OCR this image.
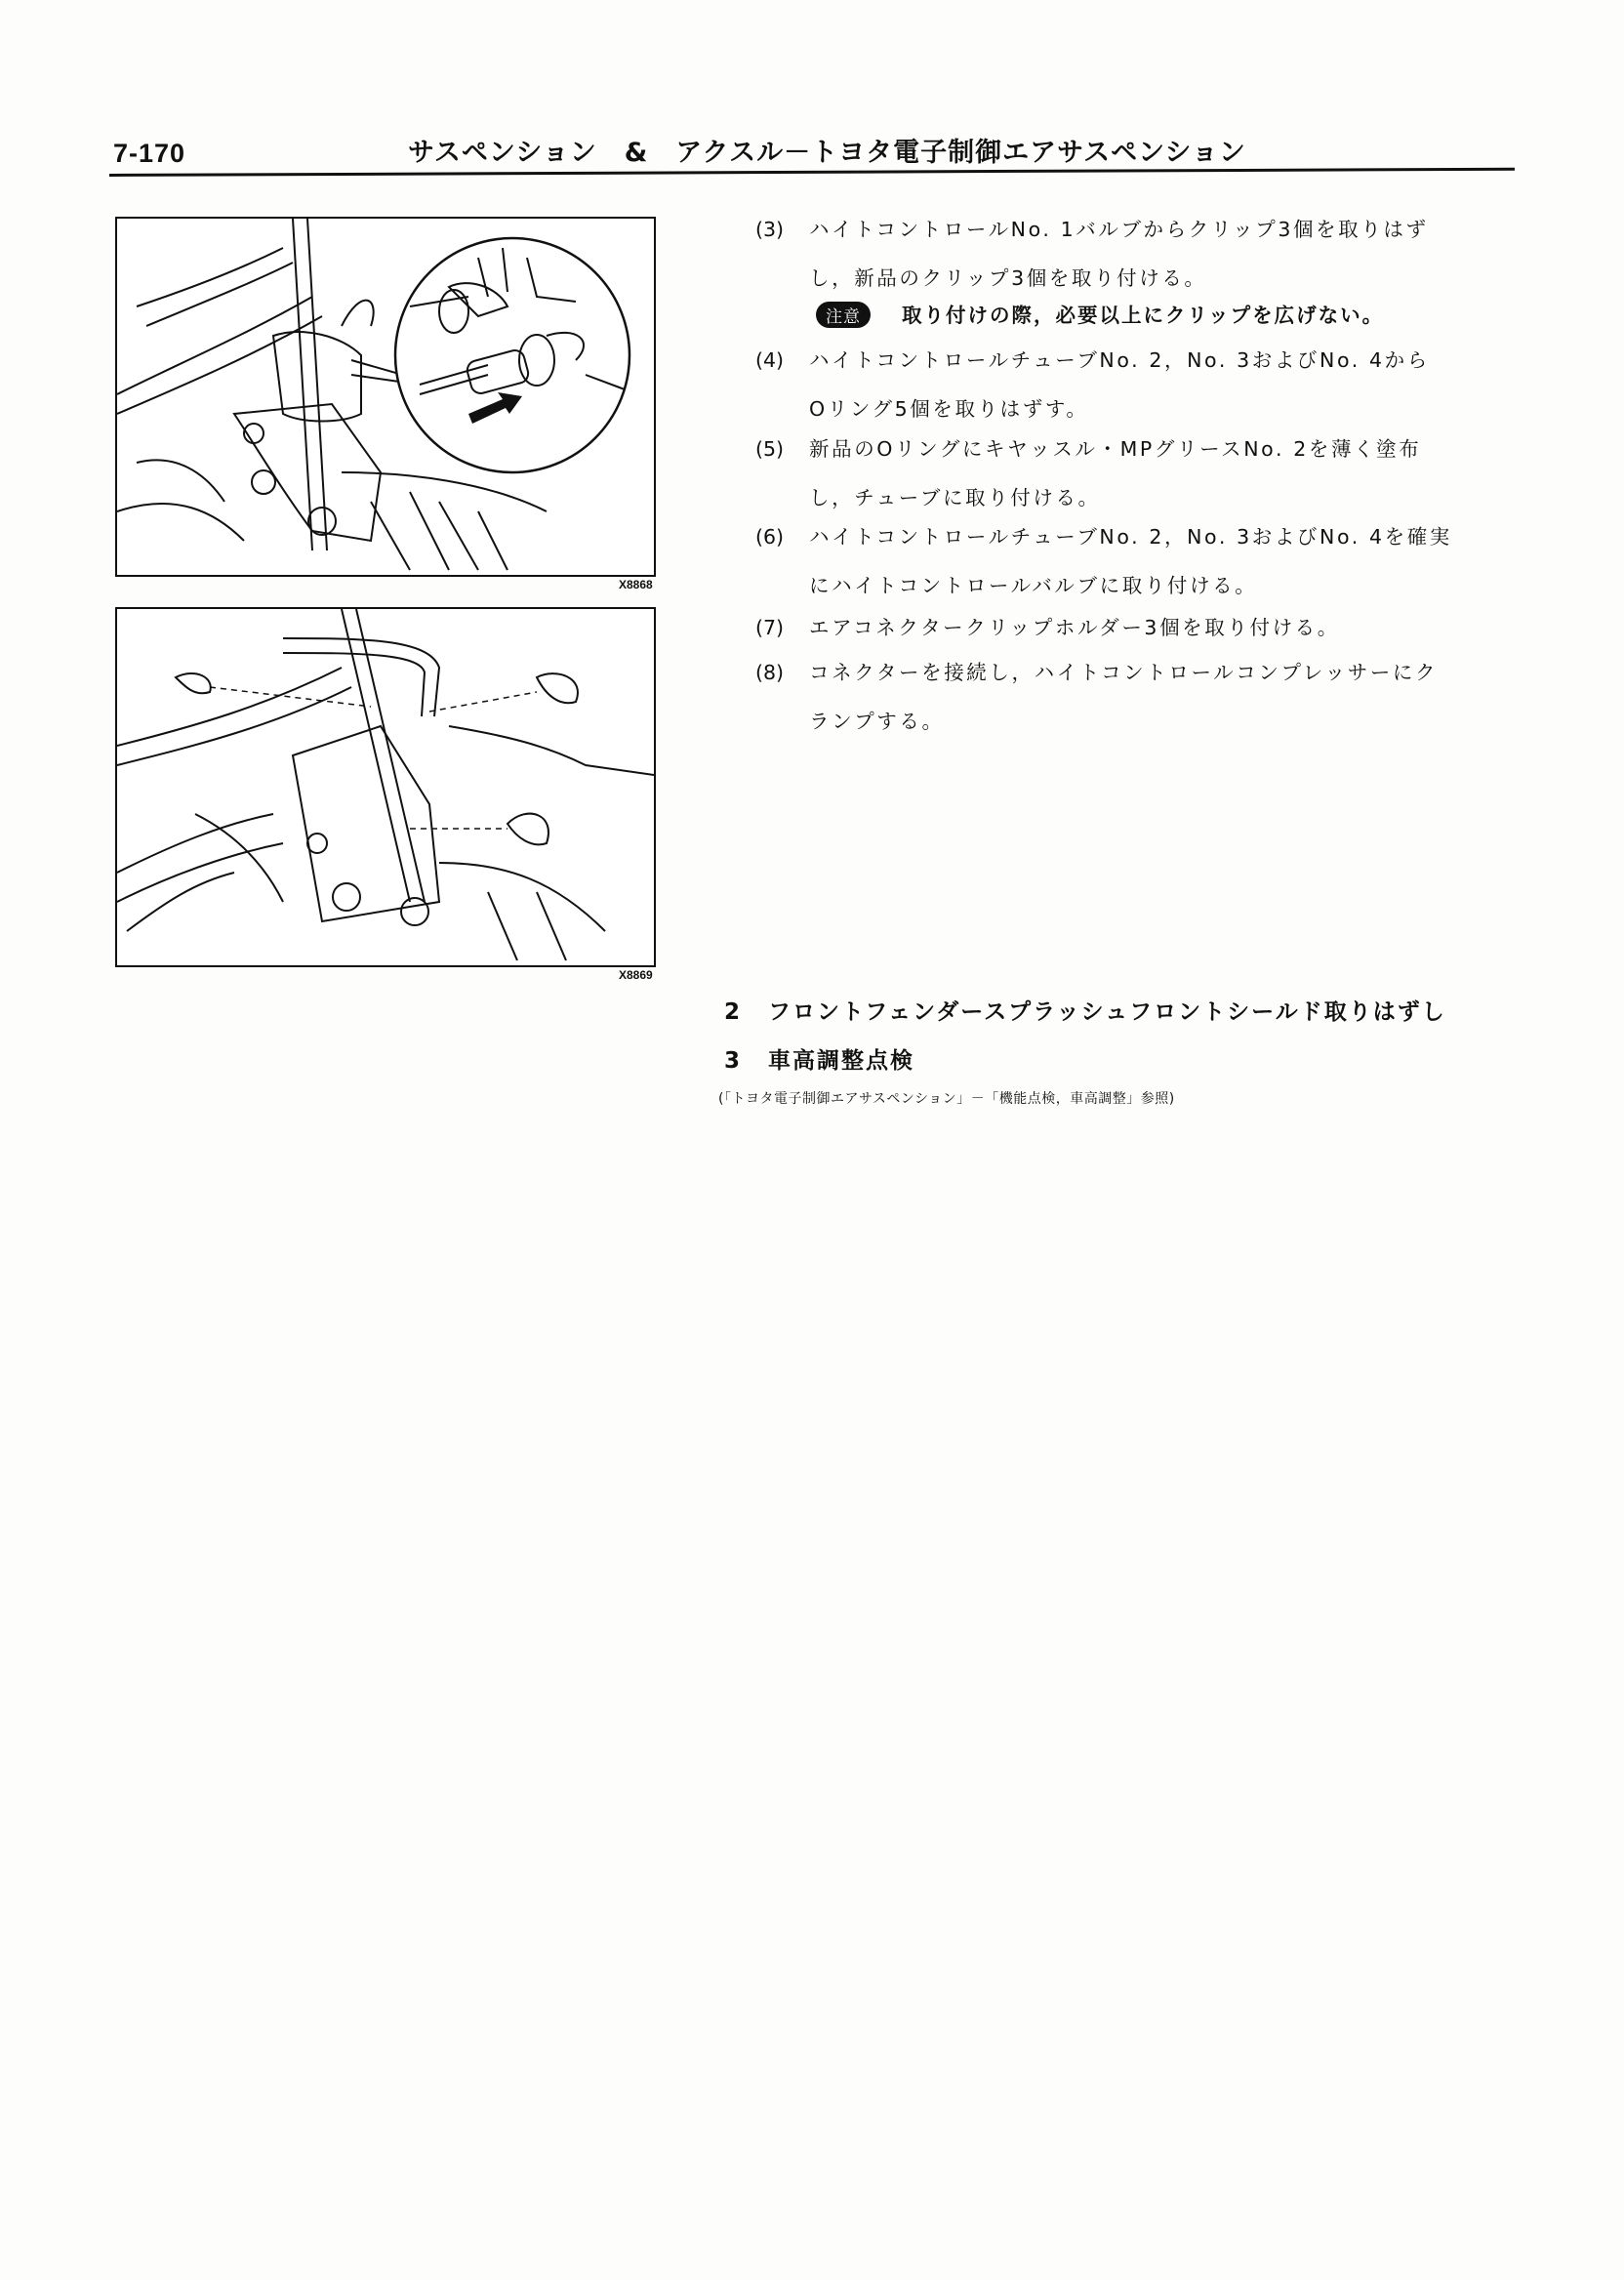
7-170	サスペンション　&　アクスル－トヨタ電子制御エアサスペンション
X8868
X8869
(3) ハイトコントロールNo. 1バルブからクリップ3個を取りはず
し，新品のクリップ3個を取り付ける。
注意 取り付けの際，必要以上にクリップを広げない。
(4) ハイトコントロールチューブNo. 2，No. 3およびNo. 4から
Oリング5個を取りはずす。
(5) 新品のOリングにキヤッスル・MPグリースNo. 2を薄く塗布
し，チューブに取り付ける。
(6) ハイトコントロールチューブNo. 2，No. 3およびNo. 4を確実
にハイトコントロールバルブに取り付ける。
(7) エアコネクタークリップホルダー3個を取り付ける。
(8) コネクターを接続し，ハイトコントロールコンプレッサーにク
ランプする。
2 フロントフェンダースプラッシュフロントシールド取りはずし
3 車高調整点検
(「トヨタ電子制御エアサスペンション」－「機能点検，車高調整」参照)
